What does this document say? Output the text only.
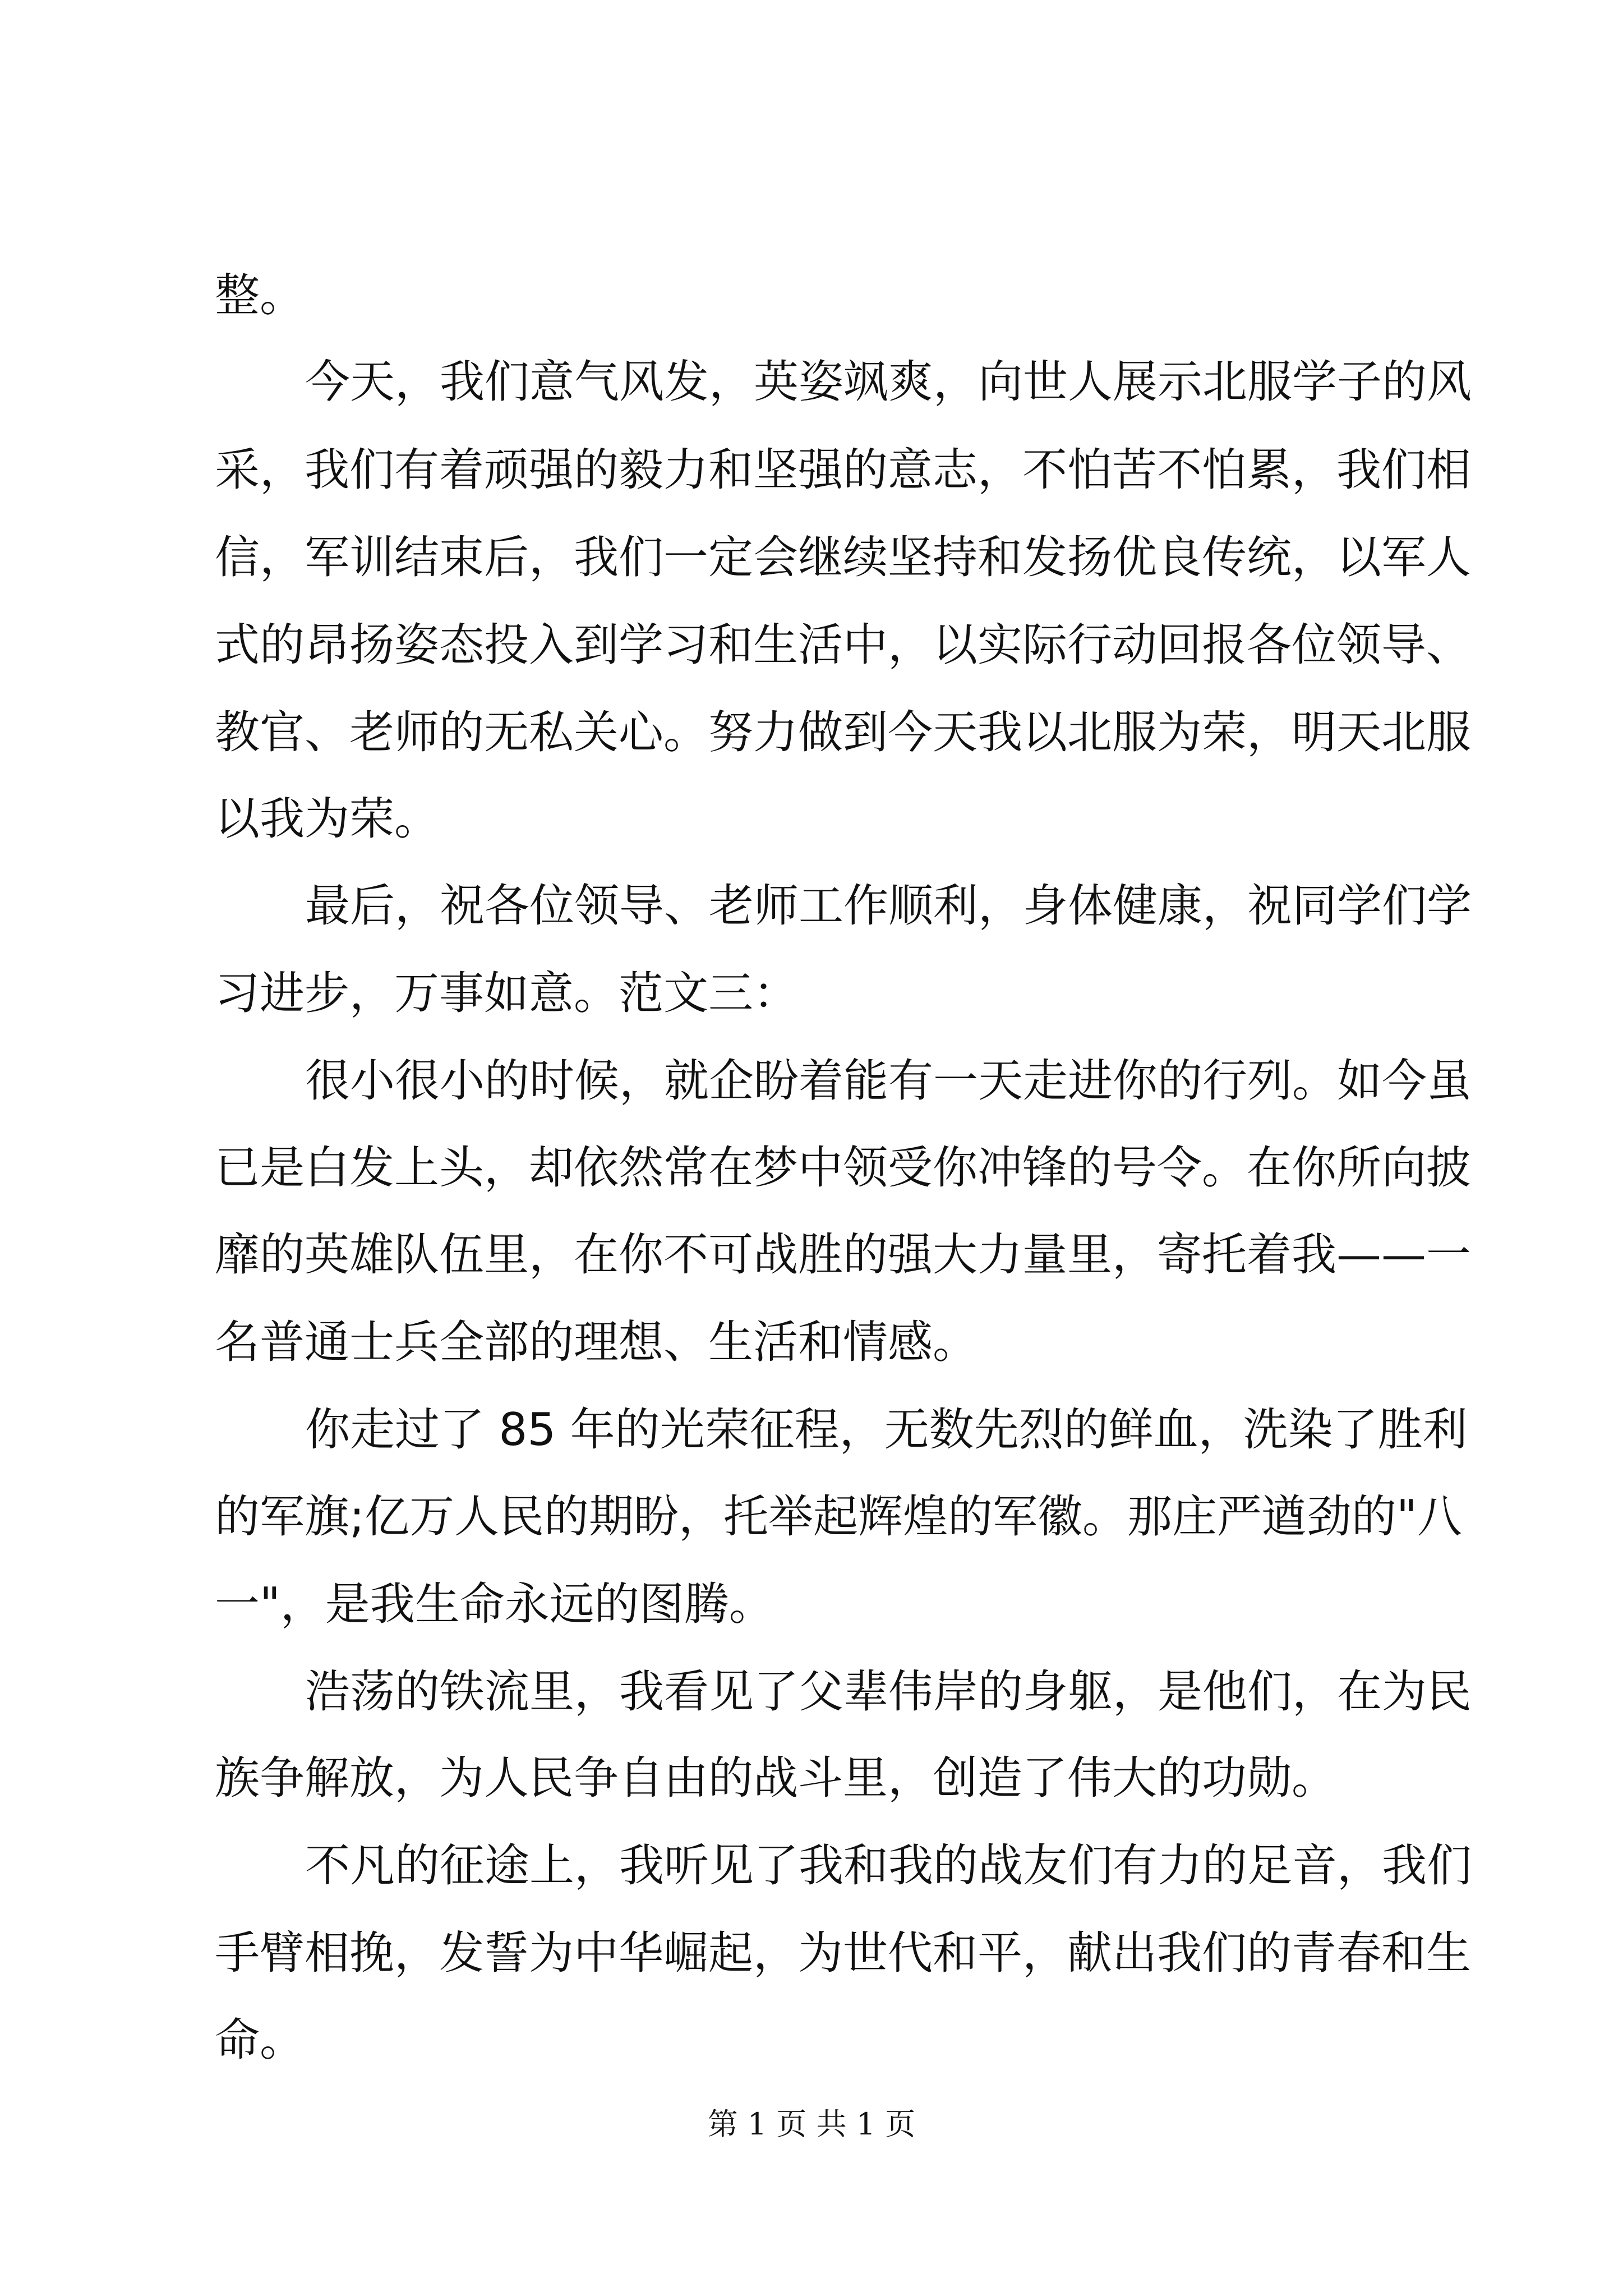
整。
今天，我们意气风发，英姿飒爽，向世人展示北服学子的风
采，我们有着顽强的毅力和坚强的意志，不怕苦不怕累，我们相
信，军训结束后，我们一定会继续坚持和发扬优良传统，以军人
式的昂扬姿态投入到学习和生活中，以实际行动回报各位领导、
教官、老师的无私关心。努力做到今天我以北服为荣，明天北服
以我为荣。
最后，祝各位领导、老师工作顺利，身体健康，祝同学们学
习进步，万事如意。范文三：
很小很小的时候，就企盼着能有一天走进你的行列。如今虽
已是白发上头，却依然常在梦中领受你冲锋的号令。在你所向披
靡的英雄队伍里，在你不可战胜的强大力量里，寄托着我——一
名普通士兵全部的理想、生活和情感。
你走过了 85 年的光荣征程，无数先烈的鲜血，洗染了胜利
的军旗;亿万人民的期盼，托举起辉煌的军徽。那庄严遒劲的"八
一"，是我生命永远的图腾。
浩荡的铁流里，我看见了父辈伟岸的身躯，是他们，在为民
族争解放，为人民争自由的战斗里，创造了伟大的功勋。
不凡的征途上，我听见了我和我的战友们有力的足音，我们
手臂相挽，发誓为中华崛起，为世代和平，献出我们的青春和生
命。
第 1 页 共 1 页
